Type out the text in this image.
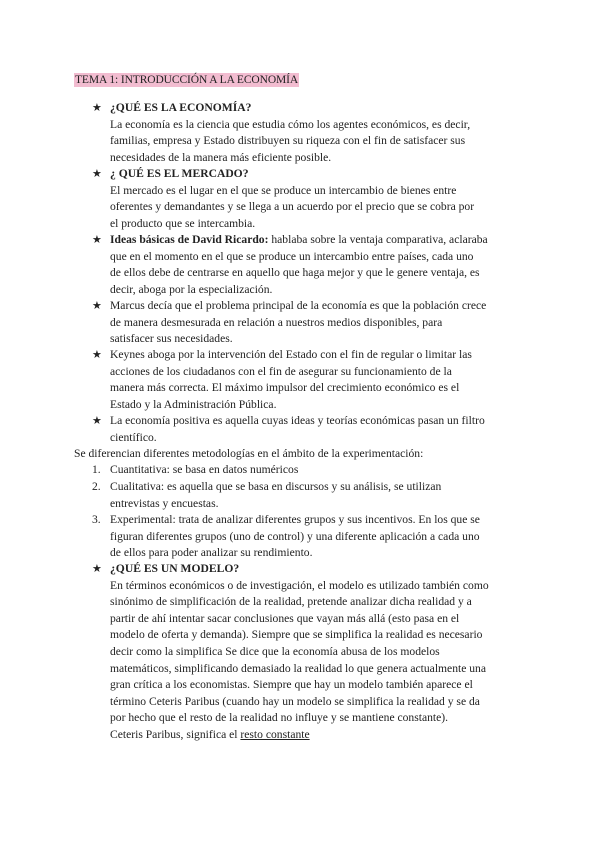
TEMA 1: INTRODUCCIÓN A LA ECONOMÍA
★ ¿QUÉ ES LA ECONOMÍA?
La economía es la ciencia que estudia cómo los agentes económicos, es decir,
familias, empresa y Estado distribuyen su riqueza con el fin de satisfacer sus
necesidades de la manera más eficiente posible.
★ ¿ QUÉ ES EL MERCADO?
El mercado es el lugar en el que se produce un intercambio de bienes entre
oferentes y demandantes y se llega a un acuerdo por el precio que se cobra por
el producto que se intercambia.
★ Ideas básicas de David Ricardo: hablaba sobre la ventaja comparativa, aclaraba
que en el momento en el que se produce un intercambio entre países, cada uno
de ellos debe de centrarse en aquello que haga mejor y que le genere ventaja, es
decir, aboga por la especialización.
★ Marcus decía que el problema principal de la economía es que la población crece
de manera desmesurada en relación a nuestros medios disponibles, para
satisfacer sus necesidades.
★ Keynes aboga por la intervención del Estado con el fin de regular o limitar las
acciones de los ciudadanos con el fin de asegurar su funcionamiento de la
manera más correcta. El máximo impulsor del crecimiento económico es el
Estado y la Administración Pública.
★ La economía positiva es aquella cuyas ideas y teorías económicas pasan un filtro
científico.
Se diferencian diferentes metodologías en el ámbito de la experimentación:
1. Cuantitativa: se basa en datos numéricos
2. Cualitativa: es aquella que se basa en discursos y su análisis, se utilizan
entrevistas y encuestas.
3. Experimental: trata de analizar diferentes grupos y sus incentivos. En los que se
figuran diferentes grupos (uno de control) y una diferente aplicación a cada uno
de ellos para poder analizar su rendimiento.
★ ¿QUÉ ES UN MODELO?
En términos económicos o de investigación, el modelo es utilizado también como
sinónimo de simplificación de la realidad, pretende analizar dicha realidad y a
partir de ahí intentar sacar conclusiones que vayan más allá (esto pasa en el
modelo de oferta y demanda). Siempre que se simplifica la realidad es necesario
decir como la simplifica Se dice que la economía abusa de los modelos
matemáticos, simplificando demasiado la realidad lo que genera actualmente una
gran crítica a los economistas. Siempre que hay un modelo también aparece el
término Ceteris Paribus (cuando hay un modelo se simplifica la realidad y se da
por hecho que el resto de la realidad no influye y se mantiene constante).
Ceteris Paribus, significa el resto constante
